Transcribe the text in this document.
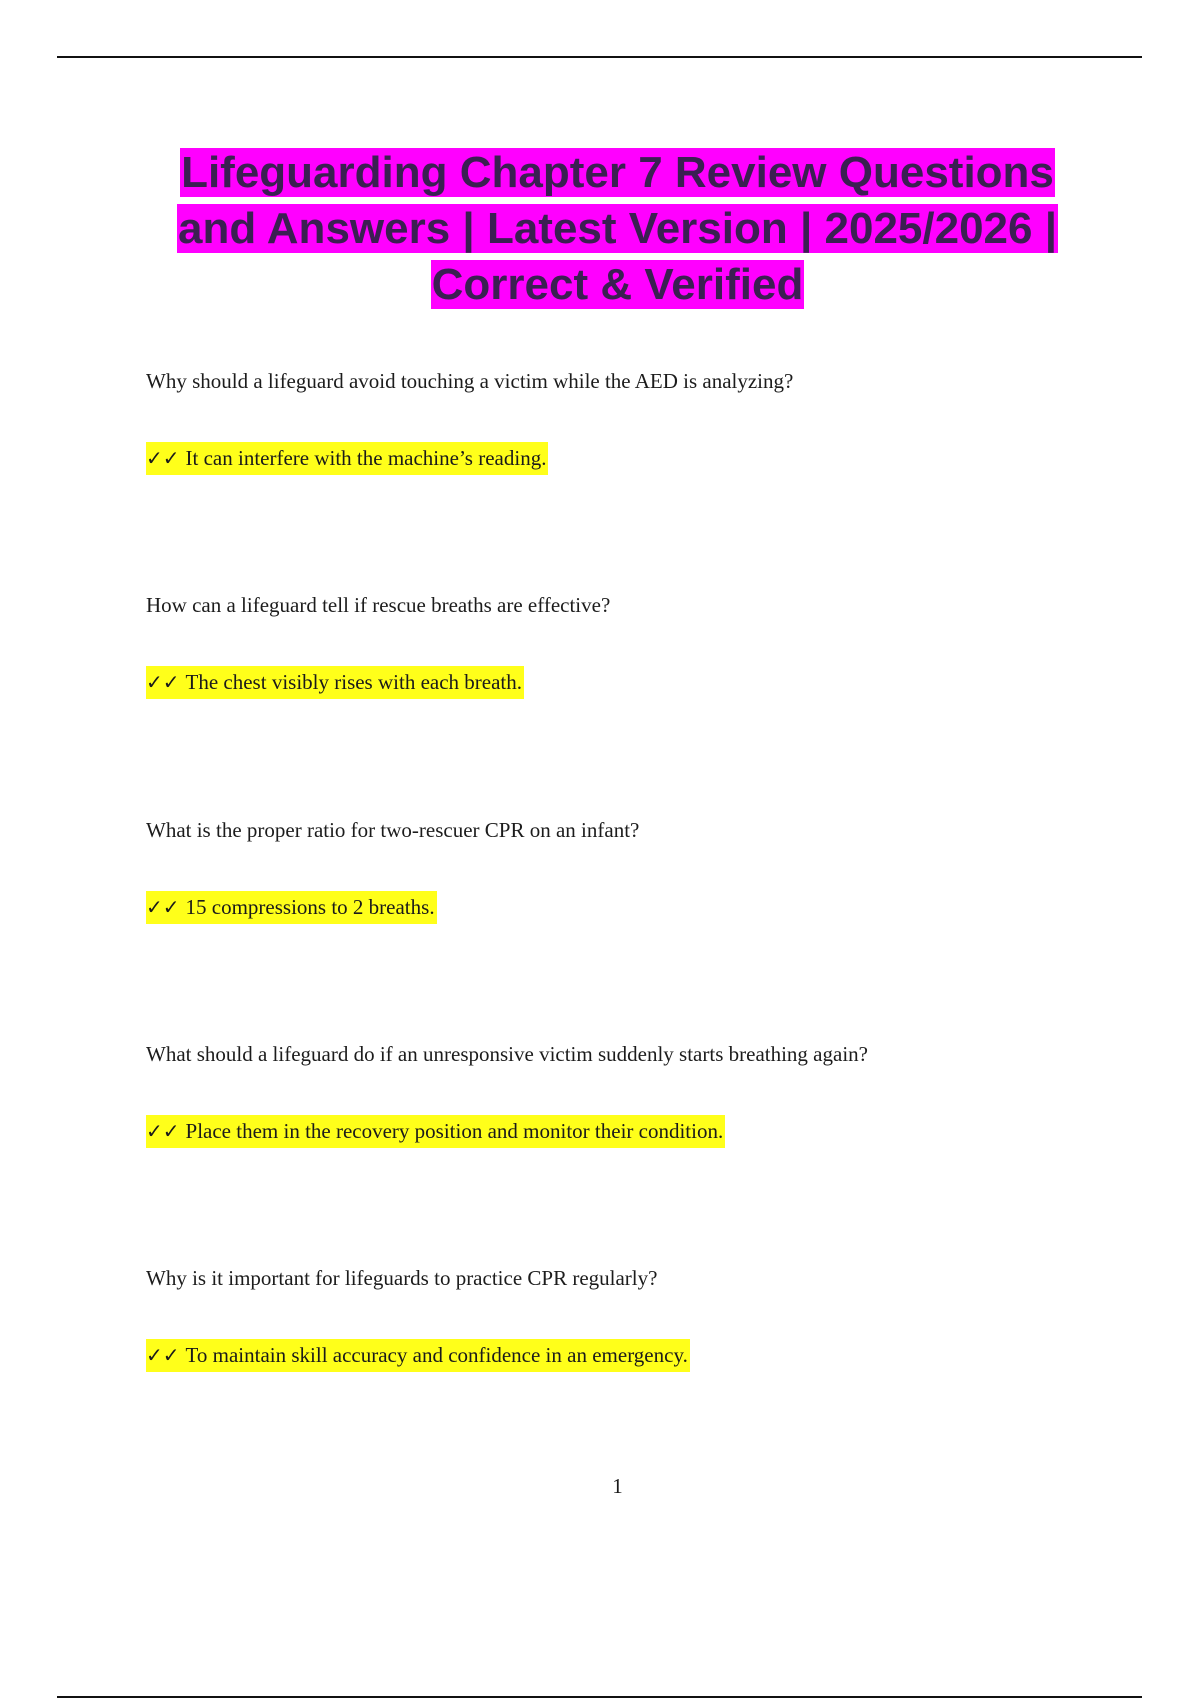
Lifeguarding Chapter 7 Review Questions and Answers | Latest Version | 2025/2026 | Correct & Verified

Why should a lifeguard avoid touching a victim while the AED is analyzing?

✓✓ It can interfere with the machine’s reading.

How can a lifeguard tell if rescue breaths are effective?

✓✓ The chest visibly rises with each breath.

What is the proper ratio for two-rescuer CPR on an infant?

✓✓ 15 compressions to 2 breaths.

What should a lifeguard do if an unresponsive victim suddenly starts breathing again?

✓✓ Place them in the recovery position and monitor their condition.

Why is it important for lifeguards to practice CPR regularly?

✓✓ To maintain skill accuracy and confidence in an emergency.
1
